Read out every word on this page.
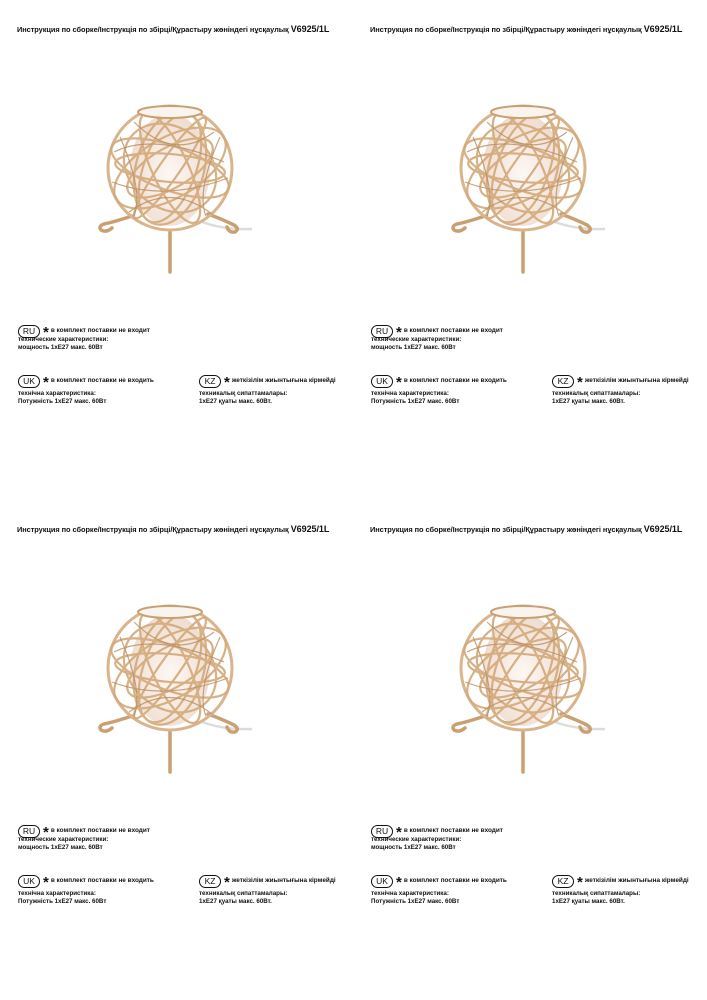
Инструкция по сборке/Інструкція по збірці/Құрастыру жөніндегі нұсқаулық V6925/1L
RU * в комплект поставки не входит
технические характеристики:
мощность 1xE27 макс. 60Вт
UK * в комплект поставки не входить
технічна характеристика:
Потужність 1xE27 макс. 60Вт
KZ * жеткізілім жиынтығына кірмейді
техникалық сипаттамалары:
1xE27 қуаты макс. 60Вт.
Инструкция по сборке/Інструкція по збірці/Құрастыру жөніндегі нұсқаулық V6925/1L
RU * в комплект поставки не входит
технические характеристики:
мощность 1xE27 макс. 60Вт
UK * в комплект поставки не входить
технічна характеристика:
Потужність 1xE27 макс. 60Вт
KZ * жеткізілім жиынтығына кірмейді
техникалық сипаттамалары:
1xE27 қуаты макс. 60Вт.
Инструкция по сборке/Інструкція по збірці/Құрастыру жөніндегі нұсқаулық V6925/1L
RU * в комплект поставки не входит
технические характеристики:
мощность 1xE27 макс. 60Вт
UK * в комплект поставки не входить
технічна характеристика:
Потужність 1xE27 макс. 60Вт
KZ * жеткізілім жиынтығына кірмейді
техникалық сипаттамалары:
1xE27 қуаты макс. 60Вт.
Инструкция по сборке/Інструкція по збірці/Құрастыру жөніндегі нұсқаулық V6925/1L
RU * в комплект поставки не входит
технические характеристики:
мощность 1xE27 макс. 60Вт
UK * в комплект поставки не входить
технічна характеристика:
Потужність 1xE27 макс. 60Вт
KZ * жеткізілім жиынтығына кірмейді
техникалық сипаттамалары:
1xE27 қуаты макс. 60Вт.
